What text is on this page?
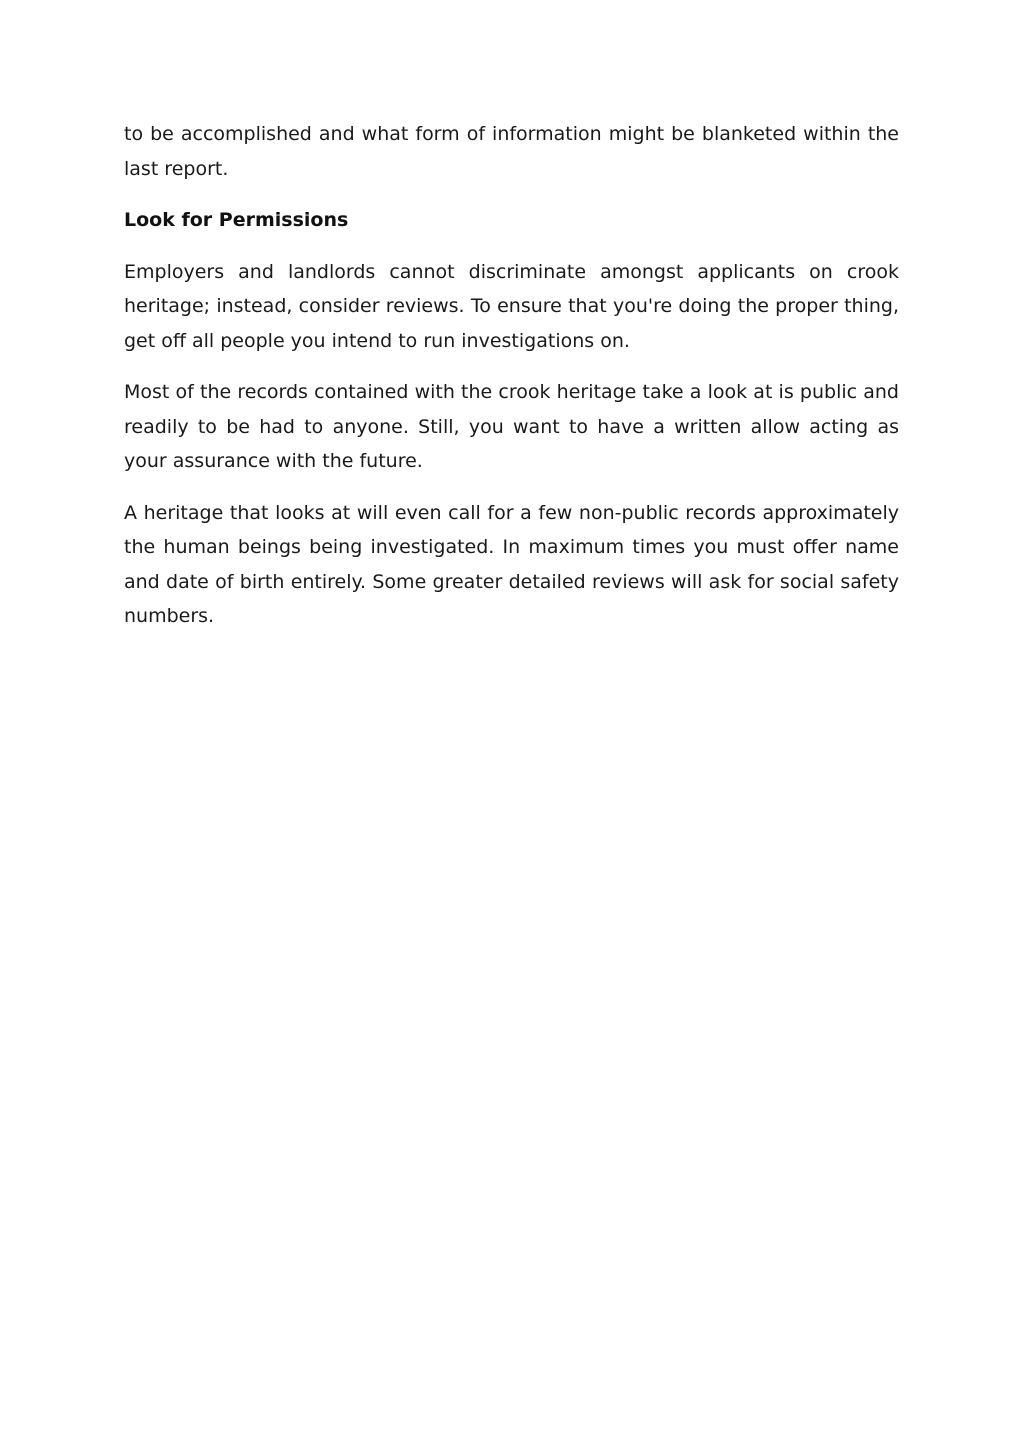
to be accomplished and what form of information might be blanketed within the last report.

Look for Permissions

Employers and landlords cannot discriminate amongst applicants on crook heritage; instead, consider reviews. To ensure that you're doing the proper thing, get off all people you intend to run investigations on.

Most of the records contained with the crook heritage take a look at is public and readily to be had to anyone. Still, you want to have a written allow acting as your assurance with the future.

A heritage that looks at will even call for a few non-public records approximately the human beings being investigated. In maximum times you must offer name and date of birth entirely. Some greater detailed reviews will ask for social safety numbers.
